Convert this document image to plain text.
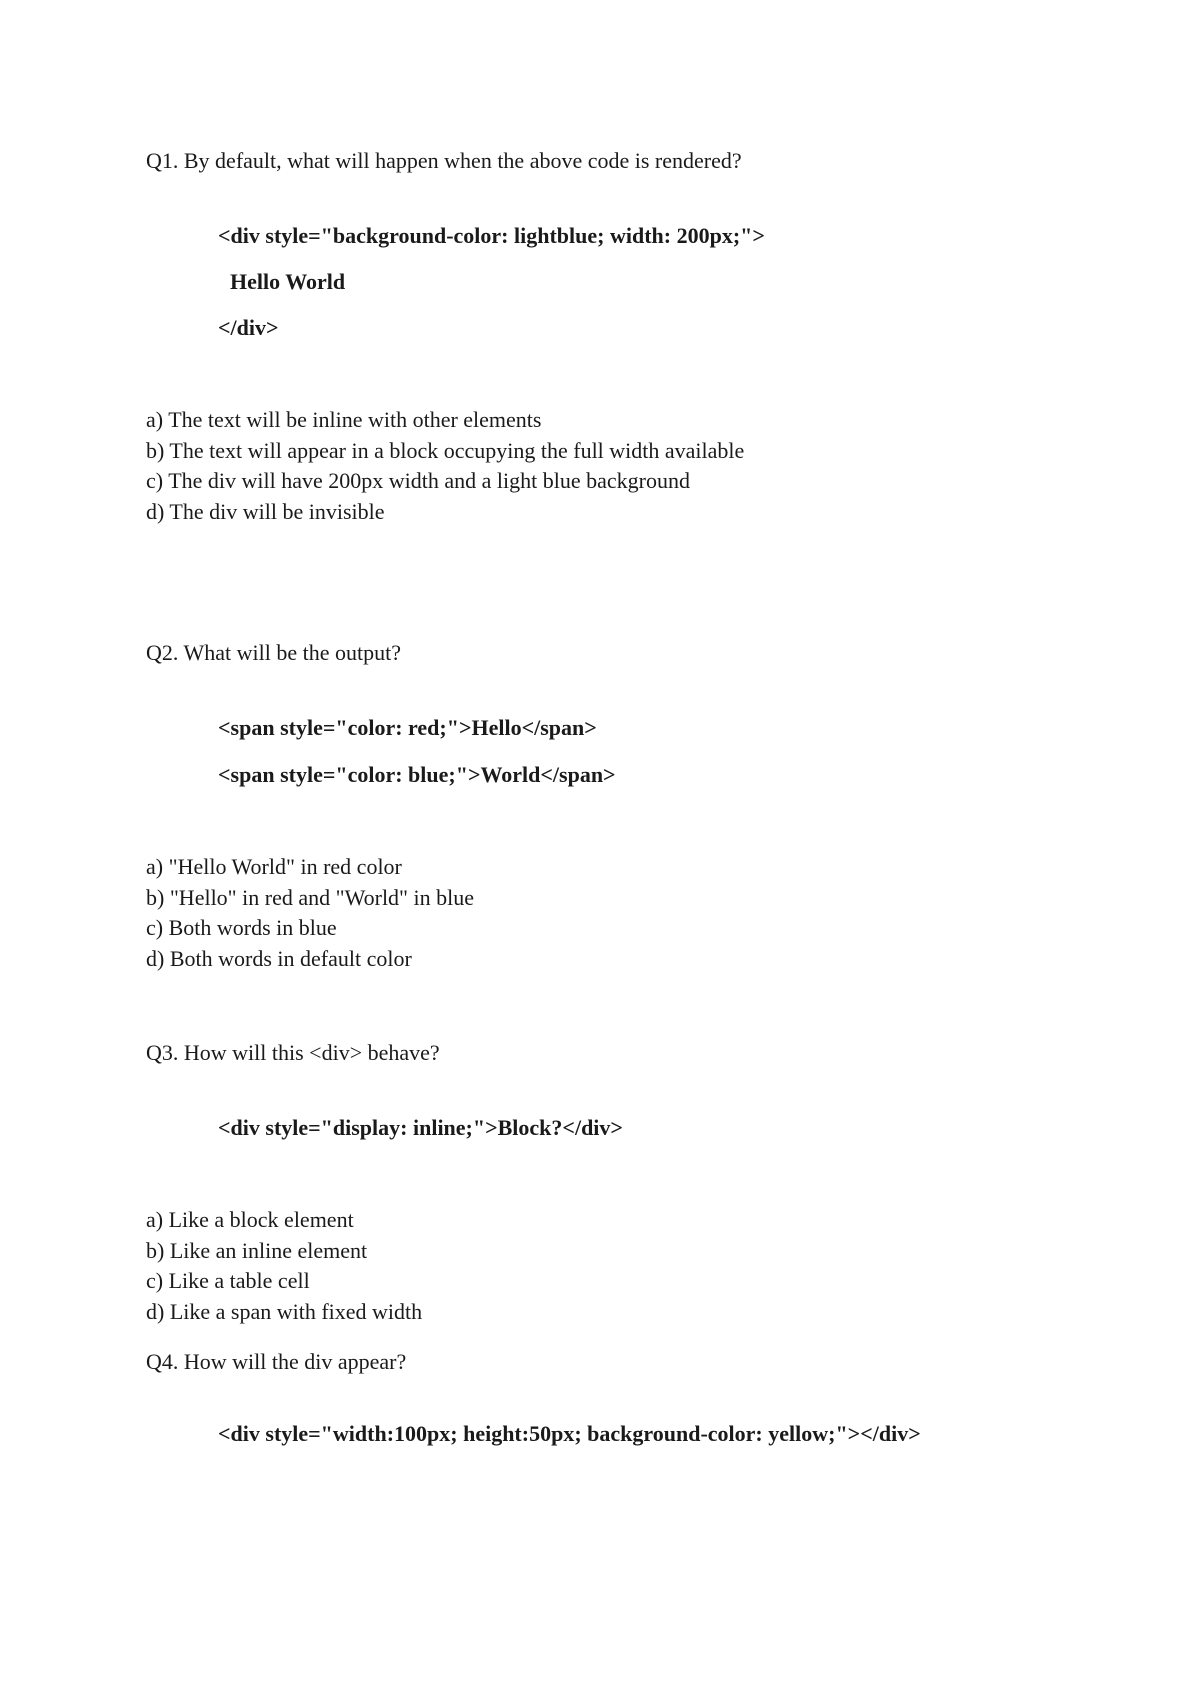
Q1. By default, what will happen when the above code is rendered?
<div style="background-color: lightblue; width: 200px;">
Hello World
</div>
a) The text will be inline with other elements
b) The text will appear in a block occupying the full width available
c) The div will have 200px width and a light blue background
d) The div will be invisible
Q2. What will be the output?
<span style="color: red;">Hello</span>
<span style="color: blue;">World</span>
a) "Hello World" in red color
b) "Hello" in red and "World" in blue
c) Both words in blue
d) Both words in default color
Q3. How will this <div> behave?
<div style="display: inline;">Block?</div>
a) Like a block element
b) Like an inline element
c) Like a table cell
d) Like a span with fixed width
Q4. How will the div appear?
<div style="width:100px; height:50px; background-color: yellow;"></div>
